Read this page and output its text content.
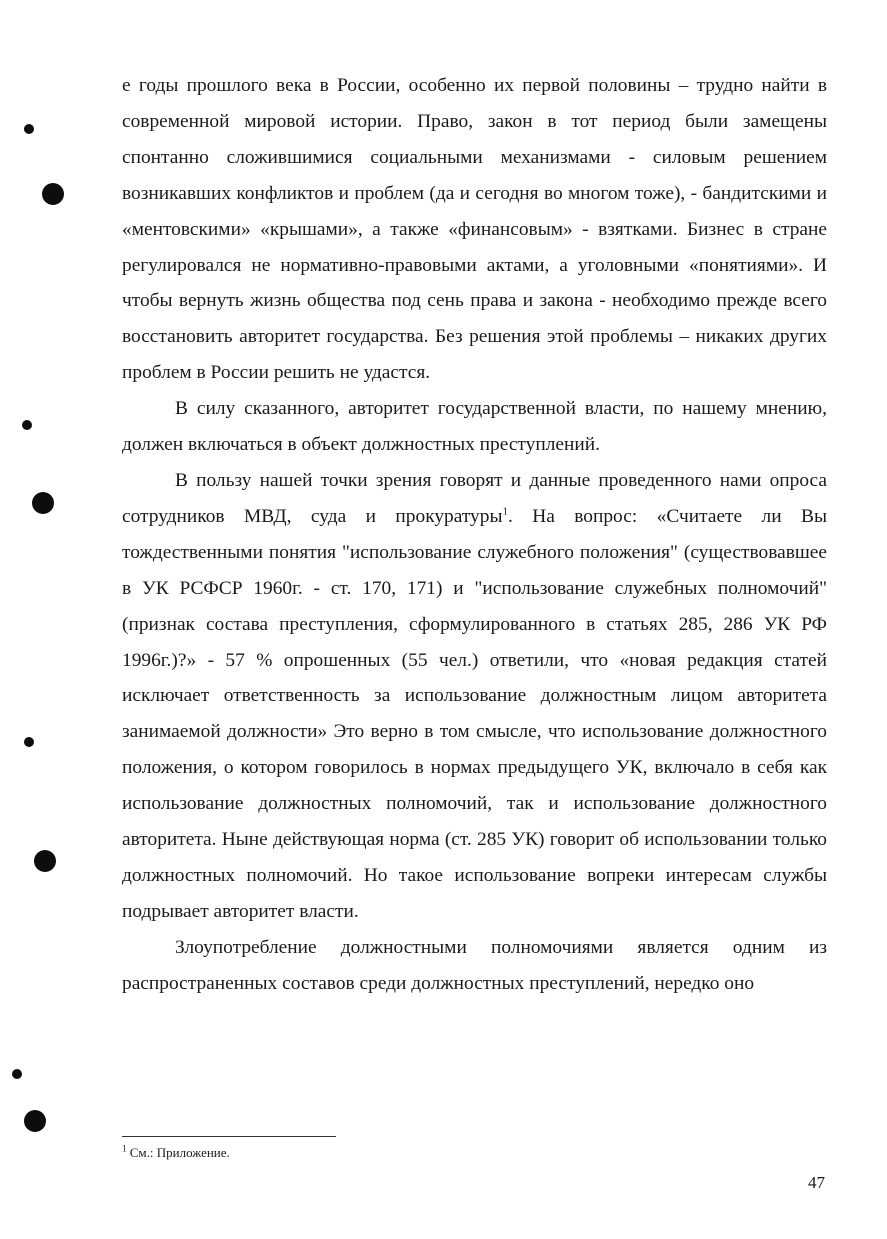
е годы прошлого века в России, особенно их первой половины – трудно найти в современной мировой истории. Право, закон в тот период были замещены спонтанно сложившимися социальными механизмами - силовым решением возникавших конфликтов и проблем (да и сегодня во многом тоже), - бандитскими и «ментовскими» «крышами», а также «финансовым» - взятками. Бизнес в стране регулировался не нормативно-правовыми актами, а уголовными «понятиями». И чтобы вернуть жизнь общества под сень права и закона - необходимо прежде всего восстановить авторитет государства. Без решения этой проблемы – никаких других проблем в России решить не удастся.

В силу сказанного, авторитет государственной власти, по нашему мнению, должен включаться в объект должностных преступлений.

В пользу нашей точки зрения говорят и данные проведенного нами опроса сотрудников МВД, суда и прокуратуры$^1$. На вопрос: «Считаете ли Вы тождественными понятия "использование служебного положения" (существовавшее в УК РСФСР 1960г. - ст. 170, 171) и "использование служебных полномочий" (признак состава преступления, сформулированного в статьях 285, 286 УК РФ 1996г.)?» - 57 % опрошенных (55 чел.) ответили, что «новая редакция статей исключает ответственность за использование должностным лицом авторитета занимаемой должности» Это верно в том смысле, что использование должностного положения, о котором говорилось в нормах предыдущего УК, включало в себя как использование должностных полномочий, так и использование должностного авторитета. Ныне действующая норма (ст. 285 УК) говорит об использовании только должностных полномочий. Но такое использование вопреки интересам службы подрывает авторитет власти.

Злоупотребление должностными полномочиями является одним из распространенных составов среди должностных преступлений, нередко оно

$^1$ См.: Приложение.
47
